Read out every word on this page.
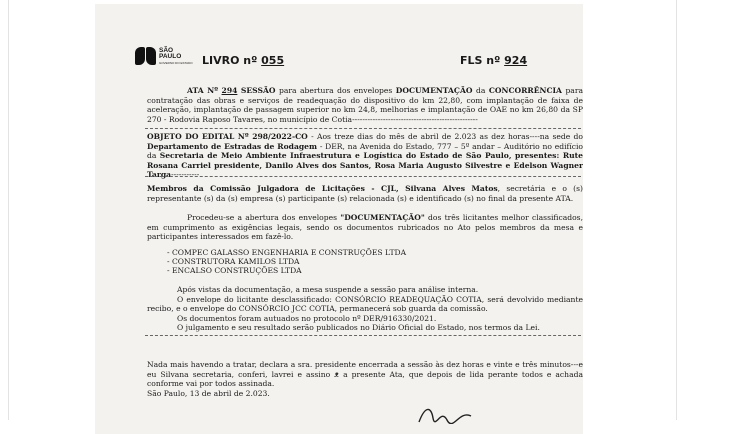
SÃO
PAULO
GOVERNO DO ESTADO LIVRO nº 055	FLS nº 924
ATA Nº 294 SESSÃO para abertura dos envelopes DOCUMENTAÇÃO da CONCORRÊNCIA para contratação das obras e serviços de readequação do dispositivo do km 22,80, com implantação de faixa de aceleração, implantação de passagem superior no km 24,8, melhorias e implantação de OAE no km 26,80 da SP 270 - Rodovia Raposo Tavares, no município de Cotia-------------------------------------------------
OBJETO DO EDITAL Nº 298/2022-CO - Aos treze dias do mês de abril de 2.023 as dez horas----na sede do Departamento de Estradas de Rodagem - DER, na Avenida do Estado, 777 – 5º andar – Auditório no edifício da Secretaria de Meio Ambiente Infraestrutura e Logística do Estado de São Paulo, presentes: Rute Rosana Carriel presidente, Danilo Alves dos Santos, Rosa Maria Augusto Silvestre e Edelson Wagner Targa-----------
Membros da Comissão Julgadora de Licitações - CJL, Silvana Alves Matos, secretária e o (s) representante (s) da (s) empresa (s) participante (s) relacionada (s) e identificado (s) no final da presente ATA.
Procedeu-se a abertura dos envelopes "DOCUMENTAÇÃO" dos três licitantes melhor classificados, em cumprimento as exigências legais, sendo os documentos rubricados no Ato pelos membros da mesa e participantes interessados em fazê-lo.
- COMPEC GALASSO ENGENHARIA E CONSTRUÇÕES LTDA
- CONSTRUTORA KAMILOS LTDA
- ENCALSO CONSTRUÇÕES LTDA
Após vistas da documentação, a mesa suspende a sessão para análise interna.
O envelope do licitante desclassificado: CONSÓRCIO READEQUAÇÃO COTIA, será devolvido mediante recibo, e o envelope do CONSÓRCIO JCC COTIA, permanecerá sob guarda da comissão.
Os documentos foram autuados no protocolo nº DER/916330/2021.
O julgamento e seu resultado serão publicados no Diário Oficial do Estado, nos termos da Lei.
Nada mais havendo a tratar, declara a sra. presidente encerrada a sessão às dez horas e vinte e três minutos---e eu Silvana secretaria, conferi, lavrei e assino ᴥ a presente Ata, que depois de lida perante todos e achada conforme vai por todos assinada.
São Paulo, 13 de abril de 2.023.
